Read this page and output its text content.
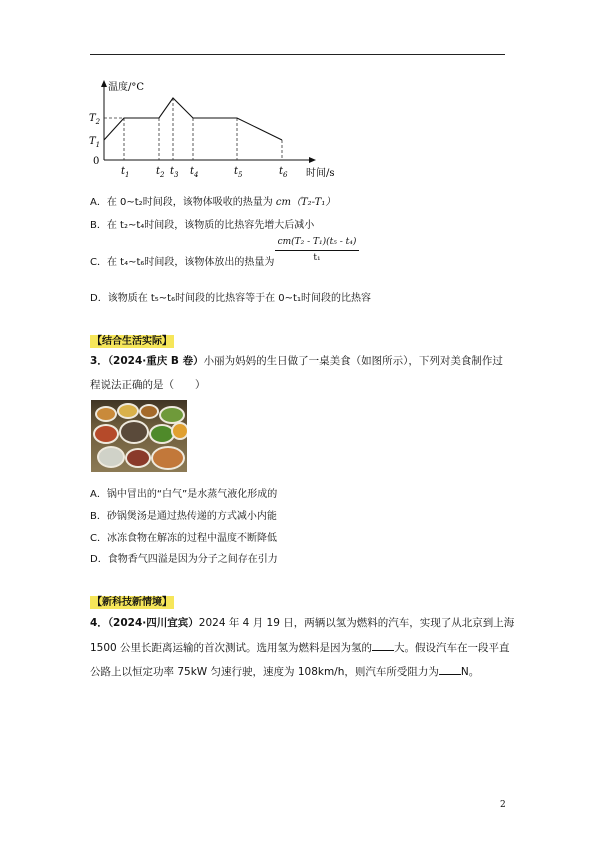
温度/°C
时间/s
0
$T_2$
$T_1$
$t_1$	$t_2$ $t_3$ $t_4$	$t_5$	$t_6$
A．在 0~t₂时间段，该物体吸收的热量为 cm（T₂-T₁）
B．在 t₂~t₄时间段，该物质的比热容先增大后减小
C．在 t₄~t₆时间段，该物体放出的热量为
cm(T₂ - T₁)(t₅ - t₄)
t₁
D．该物质在 t₅~t₆时间段的比热容等于在 0~t₁时间段的比热容
【结合生活实际】
3．（2024·重庆 B 卷）小丽为妈妈的生日做了一桌美食（如图所示），下列对美食制作过
程说法正确的是（　　）
A．锅中冒出的“白气”是水蒸气液化形成的
B．砂锅煲汤是通过热传递的方式减小内能
C．冰冻食物在解冻的过程中温度不断降低
D．食物香气四溢是因为分子之间存在引力
【新科技新情境】
4．（2024·四川宜宾）2024 年 4 月 19 日，两辆以氢为燃料的汽车，实现了从北京到上海
1500 公里长距离运输的首次测试。选用氢为燃料是因为氢的 大。假设汽车在一段平直
公路上以恒定功率 75kW 匀速行驶，速度为 108km/h，则汽车所受阻力为 N。
2
